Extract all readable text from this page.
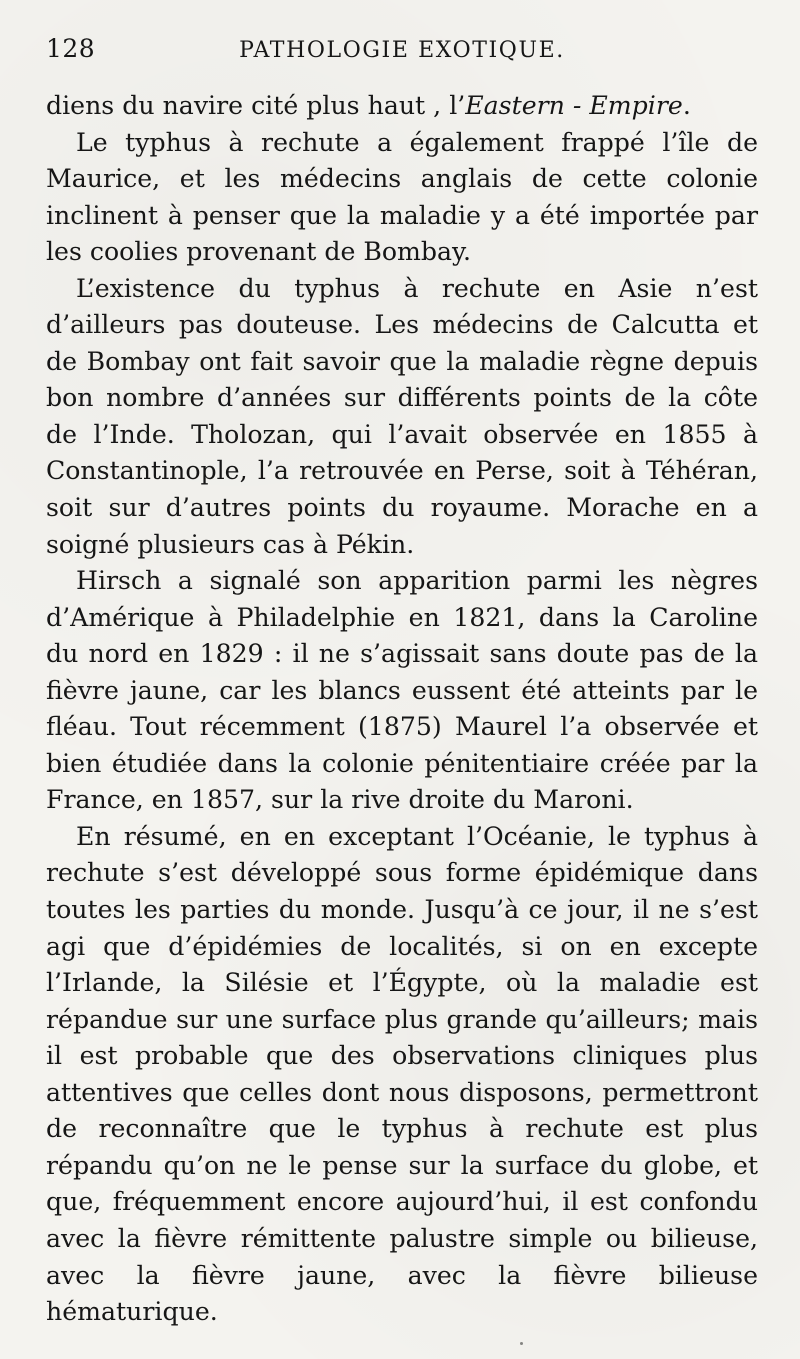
128	PATHOLOGIE EXOTIQUE.

diens du navire cité plus haut , l’Eastern - Empire.

Le typhus à rechute a également frappé l’île de Maurice, et les médecins anglais de cette colonie inclinent à penser que la maladie y a été importée par les coolies provenant de Bombay.

L’existence du typhus à rechute en Asie n’est d’ailleurs pas douteuse. Les médecins de Calcutta et de Bombay ont fait savoir que la maladie règne depuis bon nombre d’années sur différents points de la côte de l’Inde. Tholozan, qui l’avait observée en 1855 à Constantinople, l’a retrouvée en Perse, soit à Téhéran, soit sur d’autres points du royaume. Morache en a soigné plusieurs cas à Pékin.

Hirsch a signalé son apparition parmi les nègres d’Amérique à Philadelphie en 1821, dans la Caroline du nord en 1829 : il ne s’agissait sans doute pas de la fièvre jaune, car les blancs eussent été atteints par le fléau. Tout récemment (1875) Maurel l’a observée et bien étudiée dans la colonie pénitentiaire créée par la France, en 1857, sur la rive droite du Maroni.

En résumé, en en exceptant l’Océanie, le typhus à rechute s’est développé sous forme épidémique dans toutes les parties du monde. Jusqu’à ce jour, il ne s’est agi que d’épidémies de localités, si on en excepte l’Irlande, la Silésie et l’Égypte, où la maladie est répandue sur une surface plus grande qu’ailleurs; mais il est probable que des observations cliniques plus attentives que celles dont nous disposons, permettront de reconnaître que le typhus à rechute est plus répandu qu’on ne le pense sur la surface du globe, et que, fréquemment encore aujourd’hui, il est confondu avec la fièvre rémittente palustre simple ou bilieuse, avec la fièvre jaune, avec la fièvre bilieuse hématurique.
